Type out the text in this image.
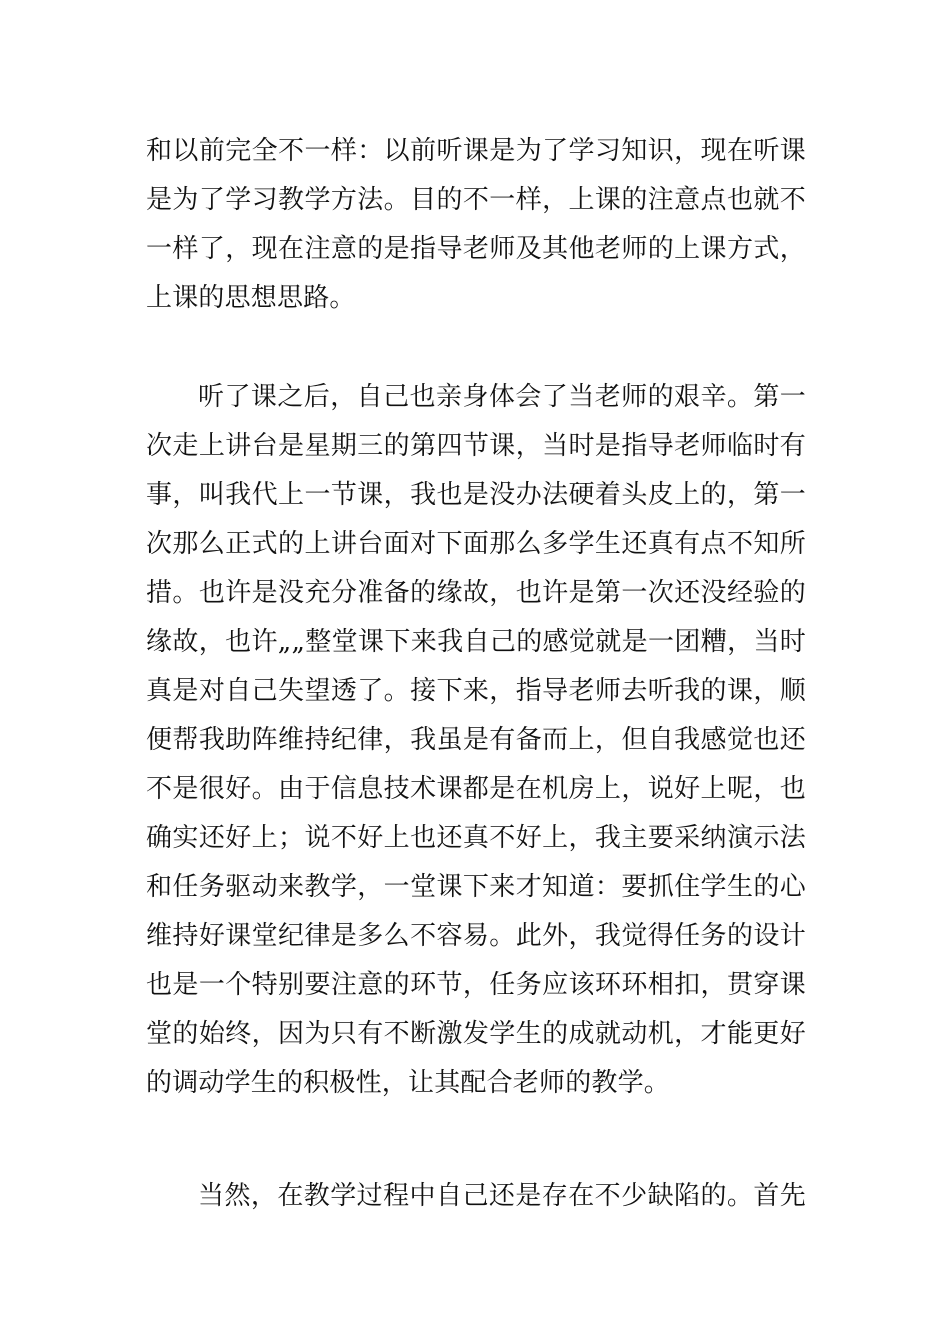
和以前完全不一样：以前听课是为了学习知识，现在听课
是为了学习教学方法。目的不一样，上课的注意点也就不
一样了，现在注意的是指导老师及其他老师的上课方式，
上课的思想思路。
听了课之后，自己也亲身体会了当老师的艰辛。第一
次走上讲台是星期三的第四节课，当时是指导老师临时有
事，叫我代上一节课，我也是没办法硬着头皮上的，第一
次那么正式的上讲台面对下面那么多学生还真有点不知所
措。也许是没充分准备的缘故，也许是第一次还没经验的
缘故，也许„„整堂课下来我自己的感觉就是一团糟，当时
真是对自己失望透了。接下来，指导老师去听我的课，顺
便帮我助阵维持纪律，我虽是有备而上，但自我感觉也还
不是很好。由于信息技术课都是在机房上，说好上呢，也
确实还好上；说不好上也还真不好上，我主要采纳演示法
和任务驱动来教学，一堂课下来才知道：要抓住学生的心
维持好课堂纪律是多么不容易。此外，我觉得任务的设计
也是一个特别要注意的环节，任务应该环环相扣，贯穿课
堂的始终，因为只有不断激发学生的成就动机，才能更好
的调动学生的积极性，让其配合老师的教学。
当然，在教学过程中自己还是存在不少缺陷的。首先
